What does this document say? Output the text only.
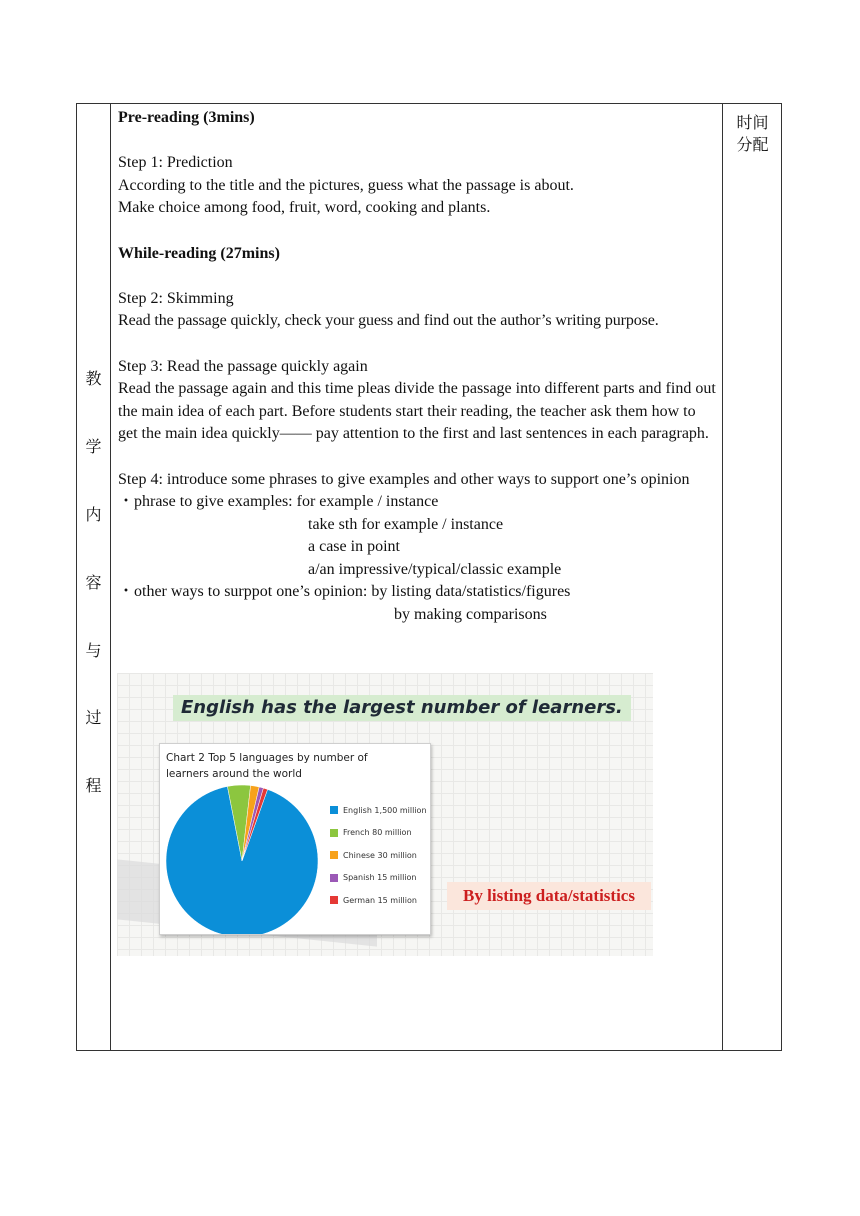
教
学
内
容
与
过
程
时间
分配

Pre-reading (3mins)

Step 1: Prediction

According to the title and the pictures, guess what the passage is about.

Make choice among food, fruit, word, cooking and plants.

While-reading (27mins)

Step 2: Skimming

Read the passage quickly, check your guess and find out the author’s writing purpose.

Step 3: Read the passage quickly again

Read the passage again and this time pleas divide the passage into different parts and find out the main idea of each part. Before students start their reading, the teacher ask them how to get the main idea quickly—— pay attention to the first and last sentences in each paragraph.

Step 4: introduce some phrases to give examples and other ways to support one’s opinion

・phrase to give examples: for example / instance

take sth for example / instance

a case in point

a/an impressive/typical/classic example

・other ways to surppot one’s opinion: by listing data/statistics/figures

by making comparisons

English has the largest number of learners.
Chart 2 Top 5 languages by number of learners around the world
English 1,500 million
French 80 million
Chinese 30 million
Spanish 15 million
German 15 million	By listing data/statistics
